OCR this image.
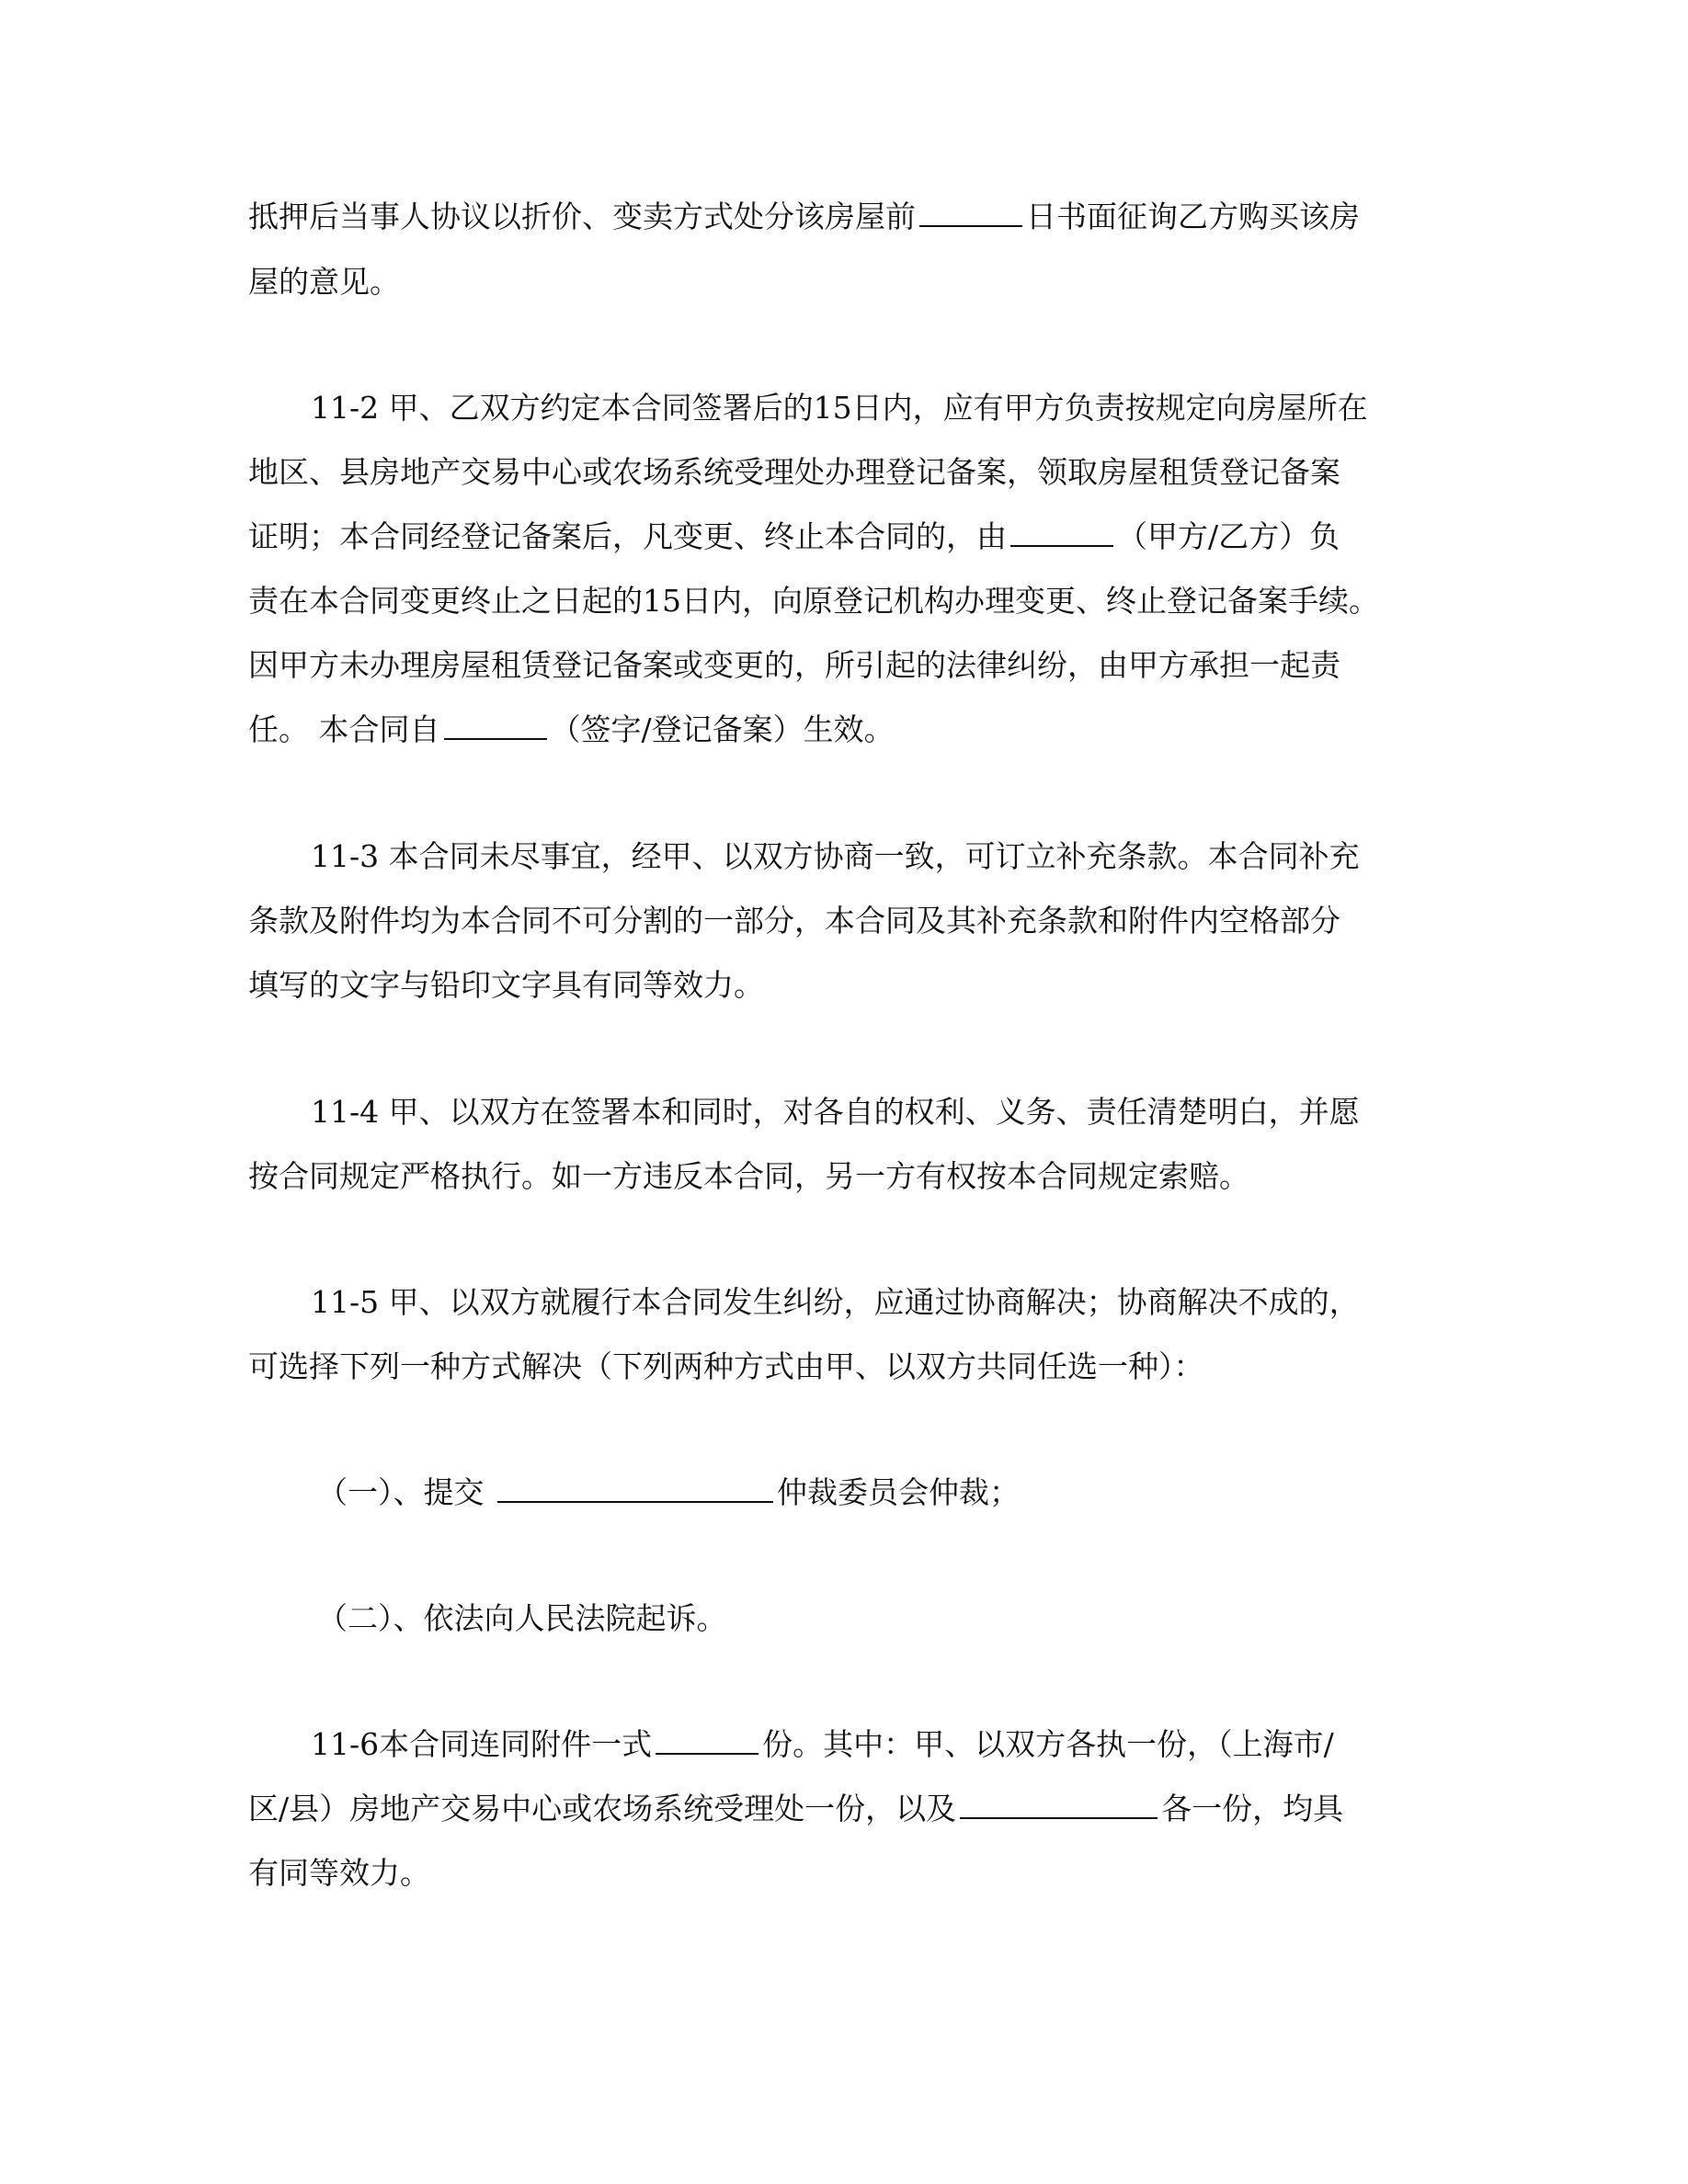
抵押后当事人协议以折价、变卖方式处分该房屋前	日书面征询乙方购买该房

屋的意见。

11-2 甲、乙双方约定本合同签署后的15日内，应有甲方负责按规定向房屋所在

地区、县房地产交易中心或农场系统受理处办理登记备案，领取房屋租赁登记备案

证明；本合同经登记备案后，凡变更、终止本合同的，由	（甲方/乙方）负

责在本合同变更终止之日起的15日内，向原登记机构办理变更、终止登记备案手续。

因甲方未办理房屋租赁登记备案或变更的，所引起的法律纠纷，由甲方承担一起责

任。 本合同自	（签字/登记备案）生效。

11-3 本合同未尽事宜，经甲、以双方协商一致，可订立补充条款。本合同补充

条款及附件均为本合同不可分割的一部分，本合同及其补充条款和附件内空格部分

填写的文字与铅印文字具有同等效力。

11-4 甲、以双方在签署本和同时，对各自的权利、义务、责任清楚明白，并愿

按合同规定严格执行。如一方违反本合同，另一方有权按本合同规定索赔。

11-5 甲、以双方就履行本合同发生纠纷，应通过协商解决；协商解决不成的，

可选择下列一种方式解决（下列两种方式由甲、以双方共同任选一种）：

（一）、提交	仲裁委员会仲裁；

（二）、依法向人民法院起诉。

11-6本合同连同附件一式	份。其中：甲、以双方各执一份，（上海市/

区/县）房地产交易中心或农场系统受理处一份，以及	各一份，均具

有同等效力。
